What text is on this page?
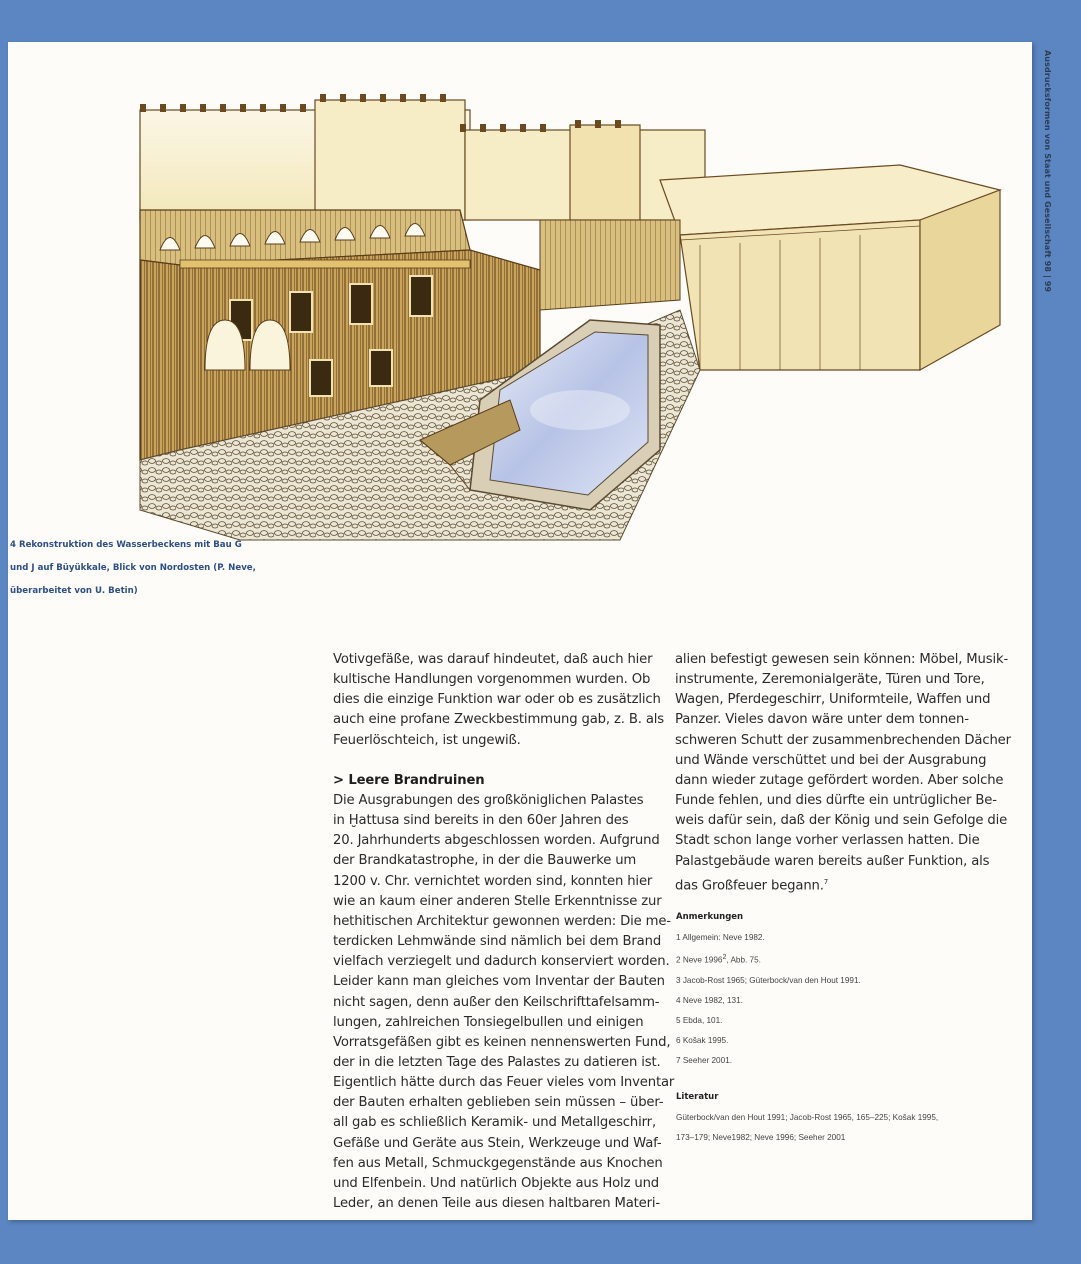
Ausdrucksformen von Staat und Gesellschaft 98 | 99
4 Rekonstruktion des Wasserbeckens mit Bau G
und J auf Büyükkale, Blick von Nordosten (P. Neve,
überarbeitet von U. Betin)
Votivgefäße, was darauf hindeutet, daß auch hier
kultische Handlungen vorgenommen wurden. Ob
dies die einzige Funktion war oder ob es zusätzlich
auch eine profane Zweckbestimmung gab, z. B. als
Feuerlöschteich, ist ungewiß.
> Leere Brandruinen
Die Ausgrabungen des großköniglichen Palastes
in Ḫattusa sind bereits in den 60er Jahren des
20. Jahrhunderts abgeschlossen worden. Aufgrund
der Brandkatastrophe, in der die Bauwerke um
1200 v. Chr. vernichtet worden sind, konnten hier
wie an kaum einer anderen Stelle Erkenntnisse zur
hethitischen Architektur gewonnen werden: Die me-
terdicken Lehmwände sind nämlich bei dem Brand
vielfach verziegelt und dadurch konserviert worden.
Leider kann man gleiches vom Inventar der Bauten
nicht sagen, denn außer den Keilschrifttafelsamm-
lungen, zahlreichen Tonsiegelbullen und einigen
Vorratsgefäßen gibt es keinen nennenswerten Fund,
der in die letzten Tage des Palastes zu datieren ist.
Eigentlich hätte durch das Feuer vieles vom Inventar
der Bauten erhalten geblieben sein müssen – über-
all gab es schließlich Keramik- und Metallgeschirr,
Gefäße und Geräte aus Stein, Werkzeuge und Waf-
fen aus Metall, Schmuckgegenstände aus Knochen
und Elfenbein. Und natürlich Objekte aus Holz und
Leder, an denen Teile aus diesen haltbaren Materi-
alien befestigt gewesen sein können: Möbel, Musik-
instrumente, Zeremonialgeräte, Türen und Tore,
Wagen, Pferdegeschirr, Uniformteile, Waffen und
Panzer. Vieles davon wäre unter dem tonnen-
schweren Schutt der zusammenbrechenden Dächer
und Wände verschüttet und bei der Ausgrabung
dann wieder zutage gefördert worden. Aber solche
Funde fehlen, und dies dürfte ein untrüglicher Be-
weis dafür sein, daß der König und sein Gefolge die
Stadt schon lange vorher verlassen hatten. Die
Palastgebäude waren bereits außer Funktion, als
das Großfeuer begann.$^7$
Anmerkungen
1 Allgemein: Neve 1982.
2 Neve 1996$^2$, Abb. 75.
3 Jacob-Rost 1965; Güterbock/van den Hout 1991.
4 Neve 1982, 131.
5 Ebda, 101.
6 Košak 1995.
7 Seeher 2001.
Literatur
Güterbock/van den Hout 1991; Jacob-Rost 1965, 165–225; Košak 1995,
173–179; Neve1982; Neve 1996; Seeher 2001
